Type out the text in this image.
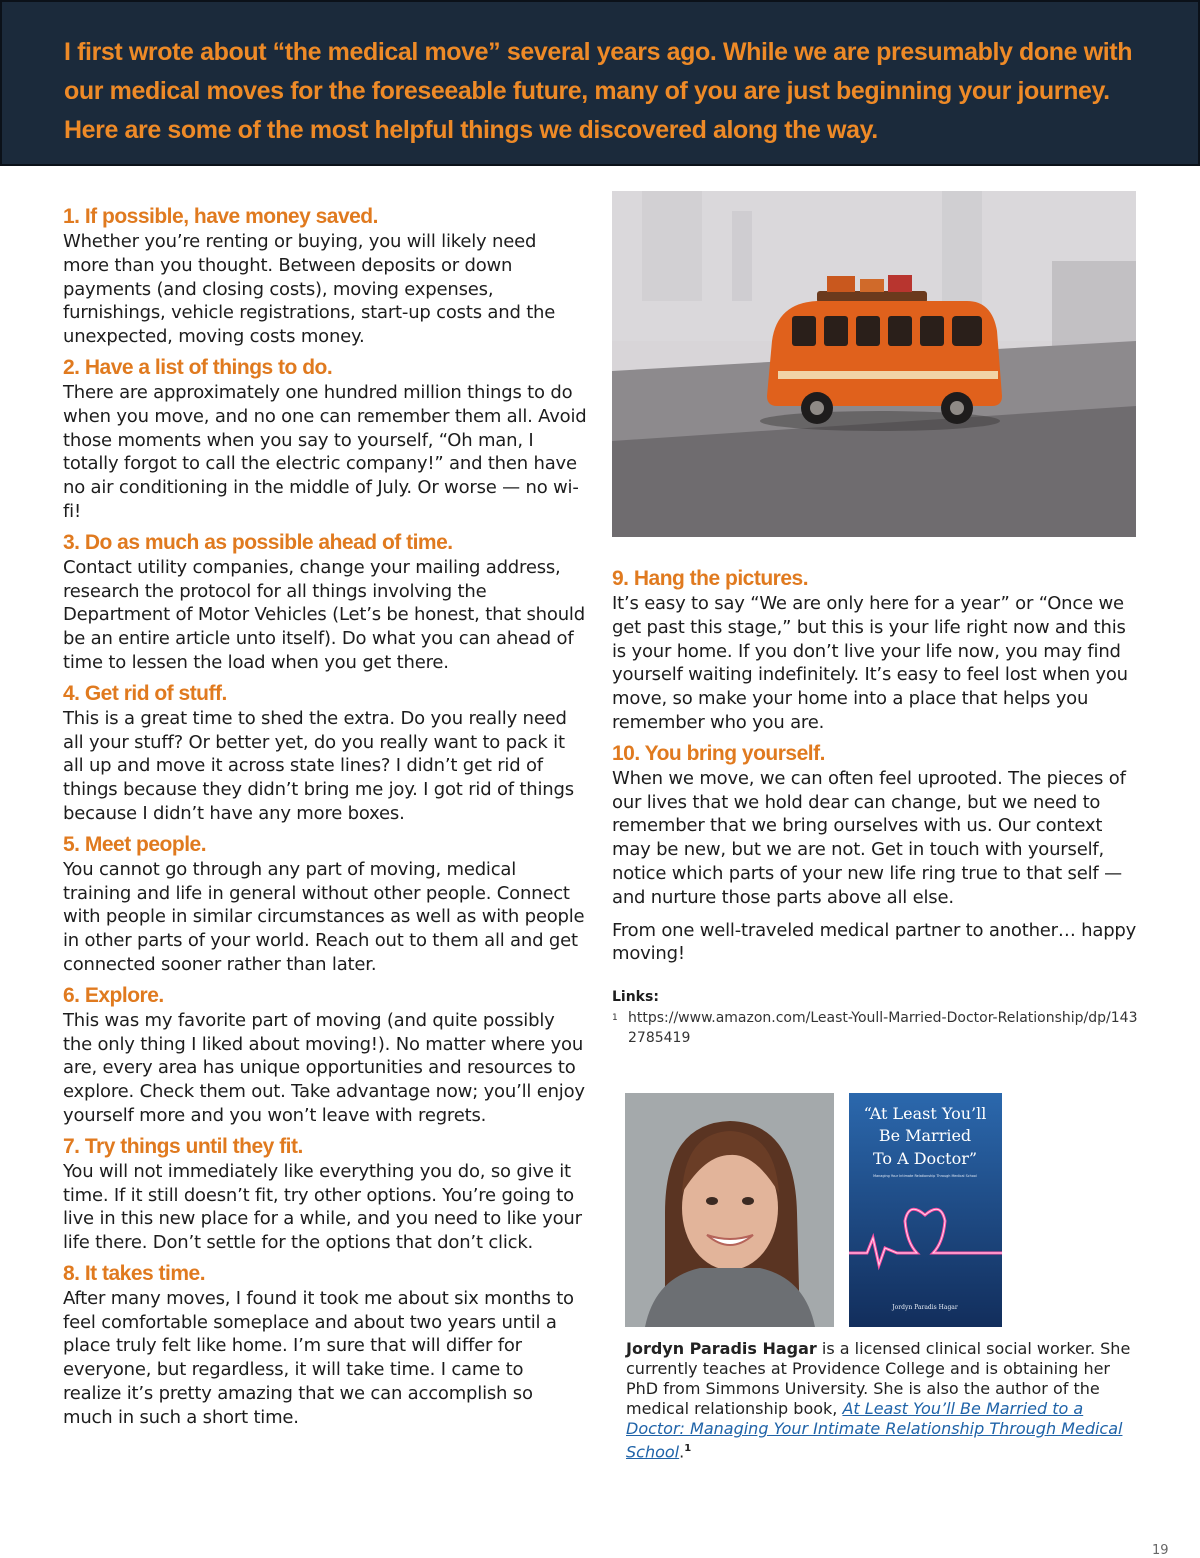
I first wrote about “the medical move” several years ago. While we are presumably done with our medical moves for the foreseeable future, many of you are just beginning your journey. Here are some of the most helpful things we discovered along the way.

1. If possible, have money saved.

Whether you’re renting or buying, you will likely need more than you thought. Between deposits or down payments (and closing costs), moving expenses, furnishings, vehicle registrations, start-up costs and the unexpected, moving costs money.

2. Have a list of things to do.

There are approximately one hundred million things to do when you move, and no one can remember them all. Avoid those moments when you say to yourself, “Oh man, I totally forgot to call the electric company!” and then have no air conditioning in the middle of July. Or worse — no wi-fi!

3. Do as much as possible ahead of time.

Contact utility companies, change your mailing address, research the protocol for all things involving the Department of Motor Vehicles (Let’s be honest, that should be an entire article unto itself). Do what you can ahead of time to lessen the load when you get there.

4. Get rid of stuff.

This is a great time to shed the extra. Do you really need all your stuff? Or better yet, do you really want to pack it all up and move it across state lines? I didn’t get rid of things because they didn’t bring me joy. I got rid of things because I didn’t have any more boxes.

5. Meet people.

You cannot go through any part of moving, medical training and life in general without other people. Connect with people in similar circumstances as well as with people in other parts of your world. Reach out to them all and get connected sooner rather than later.

6. Explore.

This was my favorite part of moving (and quite possibly the only thing I liked about moving!). No matter where you are, every area has unique opportunities and resources to explore. Check them out. Take advantage now; you’ll enjoy yourself more and you won’t leave with regrets.

7. Try things until they fit.

You will not immediately like everything you do, so give it time. If it still doesn’t fit, try other options. You’re going to live in this new place for a while, and you need to like your life there. Don’t settle for the options that don’t click.

8. It takes time.

After many moves, I found it took me about six months to feel comfortable someplace and about two years until a place truly felt like home. I’m sure that will differ for everyone, but regardless, it will take time. I came to realize it’s pretty amazing that we can accomplish so much in such a short time.

9. Hang the pictures.

It’s easy to say “We are only here for a year” or “Once we get past this stage,” but this is your life right now and this is your home. If you don’t live your life now, you may find yourself waiting indefinitely. It’s easy to feel lost when you move, so make your home into a place that helps you remember who you are.

10. You bring yourself.

When we move, we can often feel uprooted. The pieces of our lives that we hold dear can change, but we need to remember that we bring ourselves with us. Our context may be new, but we are not. Get in touch with yourself, notice which parts of your new life ring true to that self — and nurture those parts above all else.

From one well-traveled medical partner to another… happy moving!

Links:
1 https://www.amazon.com/Least-Youll-Married-Doctor-Relationship/dp/1432785419
“At Least You’ll
Be Married
To A Doctor”
Managing Your Intimate Relationship Through Medical School
Jordyn Paradis Hagar
Jordyn Paradis Hagar is a licensed clinical social worker. She currently teaches at Providence College and is obtaining her PhD from Simmons University. She is also the author of the medical relationship book, At Least You’ll Be Married to a Doctor: Managing Your Intimate Relationship Through Medical School.$^1$
19
